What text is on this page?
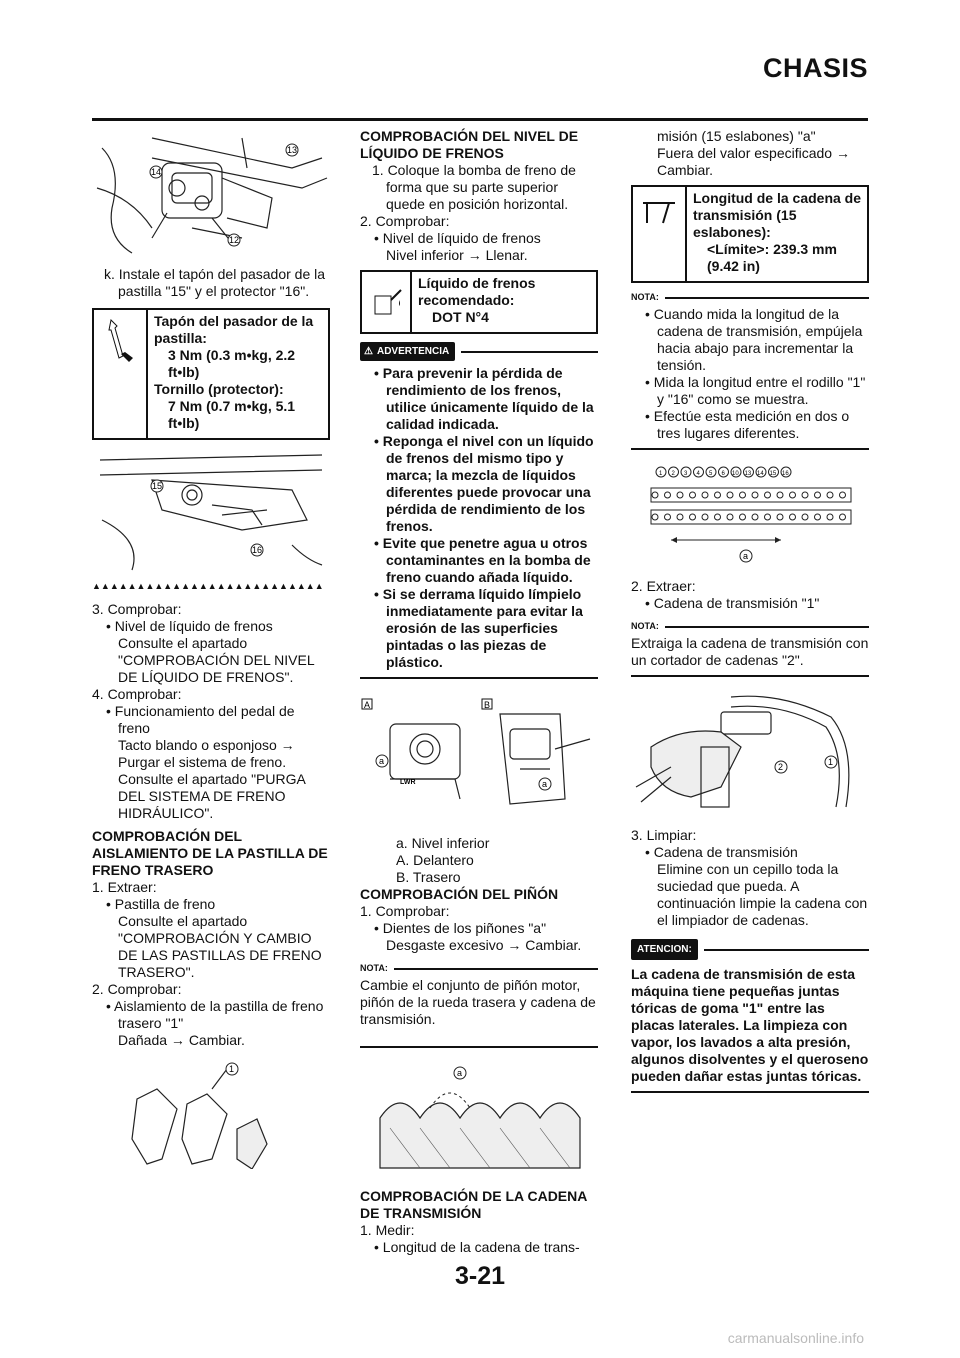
CHASIS
13
14
12

k. Instale el tapón del pasador de la pastilla "15" y el protector "16".

Tapón del pasador de la pastilla:

3 Nm (0.3 m•kg, 2.2 ft•lb)

Tornillo (protector):

7 Nm (0.7 m•kg, 5.1 ft•lb)

15
16

▲▲▲▲▲▲▲▲▲▲▲▲▲▲▲▲▲▲▲▲▲▲▲▲▲▲

3. Comprobar:

• Nivel de líquido de frenos

Consulte el apartado "COMPROBACIÓN DEL NIVEL DE LÍQUIDO DE FRENOS".

4. Comprobar:

• Funcionamiento del pedal de freno

Tacto blando o esponjoso → Purgar el sistema de freno.

Consulte el apartado "PURGA DEL SISTEMA DE FRENO HIDRÁULICO".

COMPROBACIÓN DEL AISLAMIENTO DE LA PASTILLA DE FRENO TRASERO

1. Extraer:

• Pastilla de freno

Consulte el apartado "COMPROBACIÓN Y CAMBIO DE LAS PASTILLAS DE FRENO TRASERO".

2. Comprobar:

• Aislamiento de la pastilla de freno trasero "1"

Dañada → Cambiar.

1

COMPROBACIÓN DEL NIVEL DE LÍQUIDO DE FRENOS

1. Coloque la bomba de freno de forma que su parte superior quede en posición horizontal.

2. Comprobar:

• Nivel de líquido de frenos

Nivel inferior → Llenar.

Líquido de frenos recomendado:

DOT N°4

⚠ ADVERTENCIA

• Para prevenir la pérdida de rendimiento de los frenos, utilice únicamente líquido de la calidad indicada.

• Reponga el nivel con un líquido de frenos del mismo tipo y marca; la mezcla de líquidos diferentes puede provocar una pérdida de rendimiento de los frenos.

• Evite que penetre agua u otros contaminantes en la bomba de freno cuando añada líquido.

• Si se derrama líquido límpielo inmediatamente para evitar la erosión de las superficies pintadas o las piezas de plástico.

A	B
LWR
a
a

a. Nivel inferior

A. Delantero

B. Trasero

COMPROBACIÓN DEL PIÑÓN

1. Comprobar:

• Dientes de los piñones "a"

Desgaste excesivo → Cambiar.

NOTA:

Cambie el conjunto de piñón motor, piñón de la rueda trasera y cadena de transmisión.

a

COMPROBACIÓN DE LA CADENA DE TRANSMISIÓN

1. Medir:

• Longitud de la cadena de trans-

misión (15 eslabones) "a"

Fuera del valor especificado → Cambiar.

Longitud de la cadena de transmisión (15 eslabones):

<Límite>: 239.3 mm (9.42 in)

NOTA:

• Cuando mida la longitud de la cadena de transmisión, empújela hacia abajo para incrementar la tensión.

• Mida la longitud entre el rodillo "1" y "16" como se muestra.

• Efectúe esta medición en dos o tres lugares diferentes.

1 2 3 4 5 6 10 13 14 15 16
a

2. Extraer:

• Cadena de transmisión "1"

NOTA:

Extraiga la cadena de transmisión con un cortador de cadenas "2".

2	1

3. Limpiar:

• Cadena de transmisión

Elimine con un cepillo toda la suciedad que pueda. A continuación limpie la cadena con el limpiador de cadenas.

ATENCION:

La cadena de transmisión de esta máquina tiene pequeñas juntas tóricas de goma "1" entre las placas laterales. La limpieza con vapor, los lavados a alta presión, algunos disolventes y el queroseno pueden dañar estas juntas tóricas.

3-21
carmanualsonline.info
